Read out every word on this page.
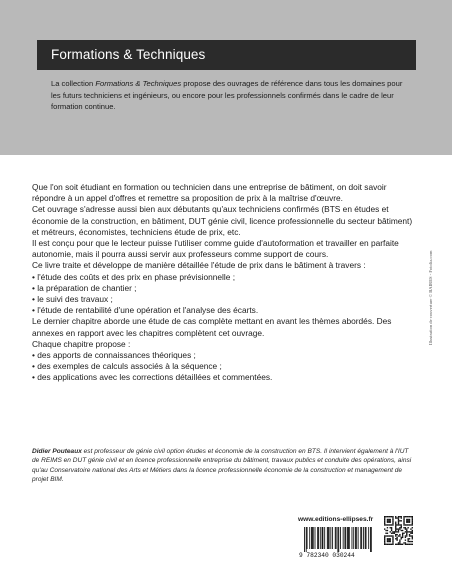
Formations & Techniques
La collection Formations & Techniques propose des ouvrages de référence dans tous les domaines pour les futurs techniciens et ingénieurs, ou encore pour les professionnels confirmés dans le cadre de leur formation continue.

Que l'on soit étudiant en formation ou technicien dans une entreprise de bâtiment, on doit savoir répondre à un appel d'offres et remettre sa proposition de prix à la maîtrise d'œuvre.

Cet ouvrage s'adresse aussi bien aux débutants qu'aux techniciens confirmés (BTS en études et économie de la construction, en bâtiment, DUT génie civil, licence professionnelle du secteur bâtiment) et métreurs, économistes, techniciens étude de prix, etc.

Il est conçu pour que le lecteur puisse l'utiliser comme guide d'autoformation et travailler en parfaite autonomie, mais il pourra aussi servir aux professeurs comme support de cours.

Ce livre traite et développe de manière détaillée l'étude de prix dans le bâtiment à travers :

• l'étude des coûts et des prix en phase prévisionnelle ;

• la préparation de chantier ;

• le suivi des travaux ;

• l'étude de rentabilité d'une opération et l'analyse des écarts.

Le dernier chapitre aborde une étude de cas complète mettant en avant les thèmes abordés. Des annexes en rapport avec les chapitres complètent cet ouvrage.

Chaque chapitre propose :

• des apports de connaissances théoriques ;

• des exemples de calculs associés à la séquence ;

• des applications avec les corrections détaillées et commentées.

Didier Pouteaux est professeur de génie civil option études et économie de la construction en BTS. Il intervient également à l'IUT de REIMS en DUT génie civil et en licence professionnelle entreprise du bâtiment, travaux publics et conduite des opérations, ainsi qu'au Conservatoire national des Arts et Métiers dans la licence professionnelle économie de la construction et management de projet BIM.
Illustration de couverture © BAIRES - Fotolia.com
www.editions-ellipses.fr
9 782340 030244
